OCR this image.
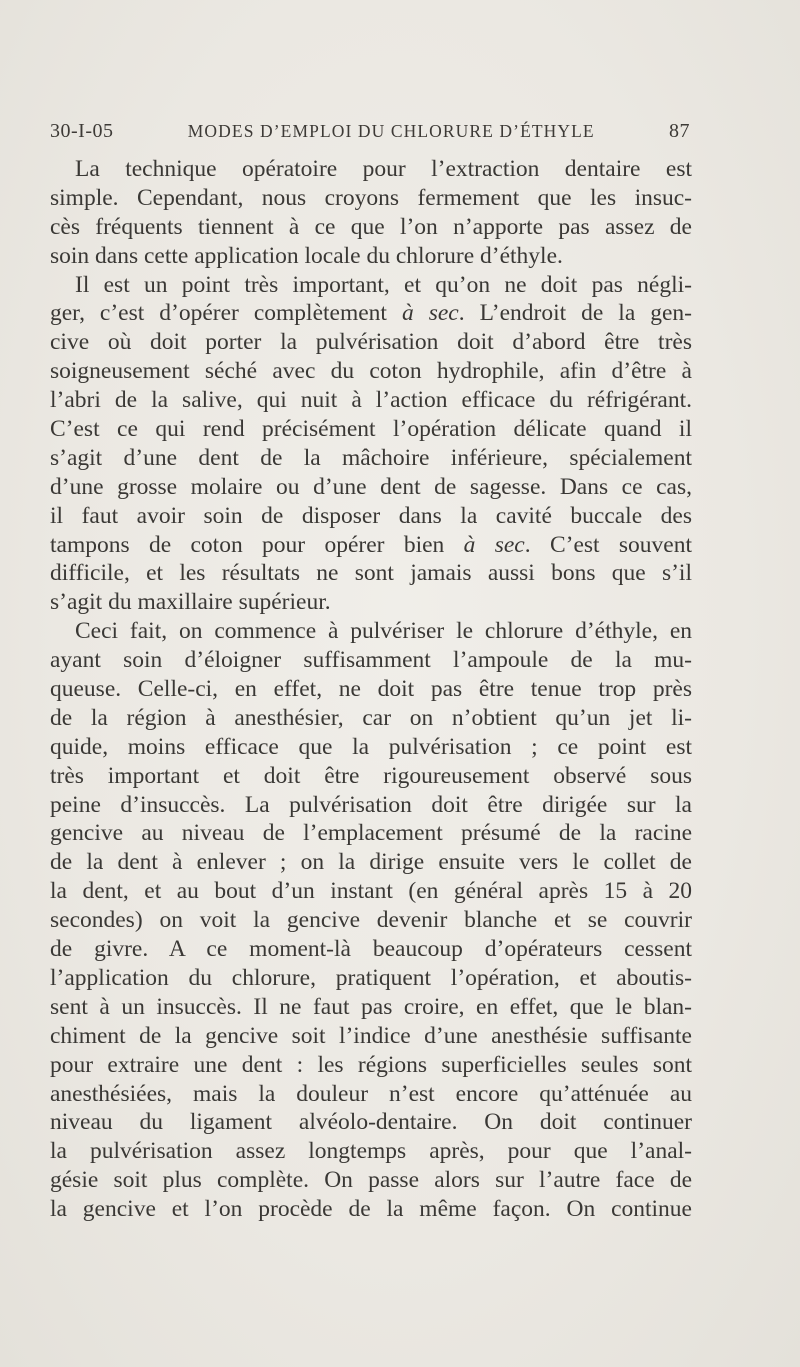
30-I-05	MODES D’EMPLOI DU CHLORURE D’ÉTHYLE	87
La technique opératoire pour l’extraction dentaire est
simple. Cependant, nous croyons fermement que les insuc-
cès fréquents tiennent à ce que l’on n’apporte pas assez de
soin dans cette application locale du chlorure d’éthyle.
Il est un point très important, et qu’on ne doit pas négli-
ger, c’est d’opérer complètement à sec. L’endroit de la gen-
cive où doit porter la pulvérisation doit d’abord être très
soigneusement séché avec du coton hydrophile, afin d’être à
l’abri de la salive, qui nuit à l’action efficace du réfrigérant.
C’est ce qui rend précisément l’opération délicate quand il
s’agit d’une dent de la mâchoire inférieure, spécialement
d’une grosse molaire ou d’une dent de sagesse. Dans ce cas,
il faut avoir soin de disposer dans la cavité buccale des
tampons de coton pour opérer bien à sec. C’est souvent
difficile, et les résultats ne sont jamais aussi bons que s’il
s’agit du maxillaire supérieur.
Ceci fait, on commence à pulvériser le chlorure d’éthyle, en
ayant soin d’éloigner suffisamment l’ampoule de la mu-
queuse. Celle-ci, en effet, ne doit pas être tenue trop près
de la région à anesthésier, car on n’obtient qu’un jet li-
quide, moins efficace que la pulvérisation ; ce point est
très important et doit être rigoureusement observé sous
peine d’insuccès. La pulvérisation doit être dirigée sur la
gencive au niveau de l’emplacement présumé de la racine
de la dent à enlever ; on la dirige ensuite vers le collet de
la dent, et au bout d’un instant (en général après 15 à 20
secondes) on voit la gencive devenir blanche et se couvrir
de givre. A ce moment-là beaucoup d’opérateurs cessent
l’application du chlorure, pratiquent l’opération, et aboutis-
sent à un insuccès. Il ne faut pas croire, en effet, que le blan-
chiment de la gencive soit l’indice d’une anesthésie suffisante
pour extraire une dent : les régions superficielles seules sont
anesthésiées, mais la douleur n’est encore qu’atténuée au
niveau du ligament alvéolo-dentaire. On doit continuer
la pulvérisation assez longtemps après, pour que l’anal-
gésie soit plus complète. On passe alors sur l’autre face de
la gencive et l’on procède de la même façon. On continue
